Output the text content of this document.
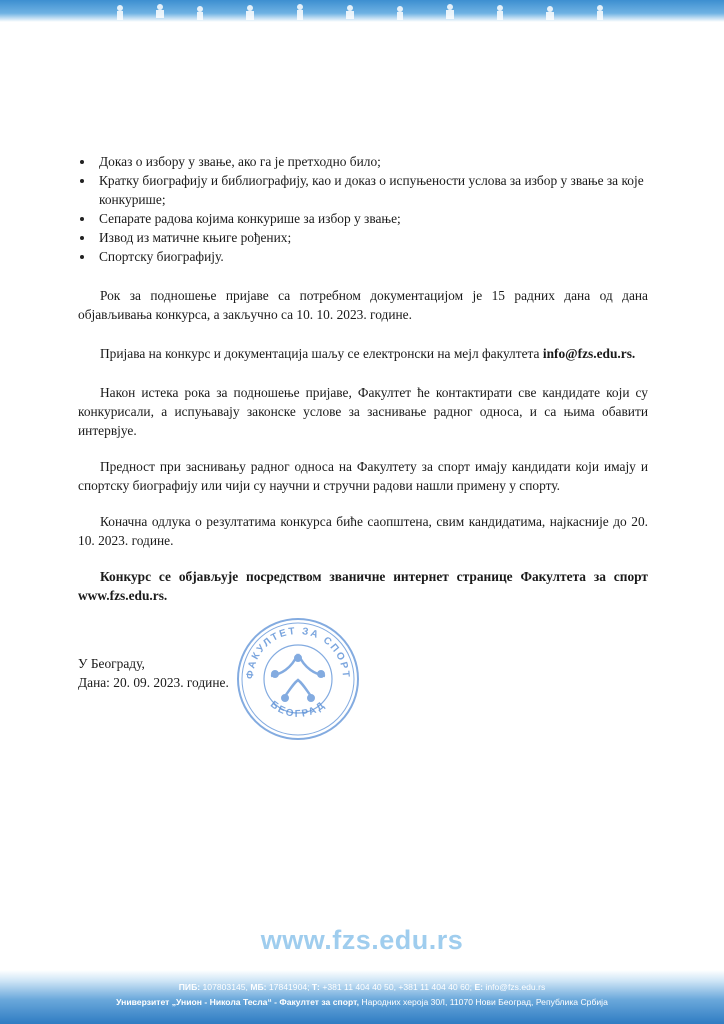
Доказ о избору у звање, ако га је претходно било;
Кратку биографију и библиографију, као и доказ о испуњености услова за избор у звање за које конкурише;
Сепарате радова којима конкурише за избор у звање;
Извод из матичне књиге рођених;
Спортску биографију.

Рок за подношење пријаве са потребном документацијом је 15 радних дана од дана објављивања конкурса, а закључно са 10. 10. 2023. године.

Пријава на конкурс и документација шаљу се електронски на мејл факултета info@fzs.edu.rs.

Након истека рока за подношење пријаве, Факултет ће контактирати све кандидате који су конкурисали, а испуњавају законске услове за заснивање радног односа, и са њима обавити интервјуе.

Предност при заснивању радног односа на Факултету за спорт имају кандидати који имају и спортску биографију или чији су научни и стручни радови нашли примену у спорту.

Коначна одлука о резултатима конкурса биће саопштена, свим кандидатима, најкасније до 20. 10. 2023. године.

Конкурс се објављује посредством званичне интернет странице Факултета за спорт www.fzs.edu.rs.

У Београду,
Дана: 20. 09. 2023. године.
ФАКУЛТЕТ ЗА СПОРТ
БЕОГРАД
www.fzs.edu.rs
ПИБ: 107803145, МБ: 17841904; Т: +381 11 404 40 50, +381 11 404 40 60; Е: info@fzs.edu.rs
Универзитет „Унион - Никола Тесла“ - Факултет за спорт, Народних хероја 30/I, 11070 Нови Београд, Република Србија
